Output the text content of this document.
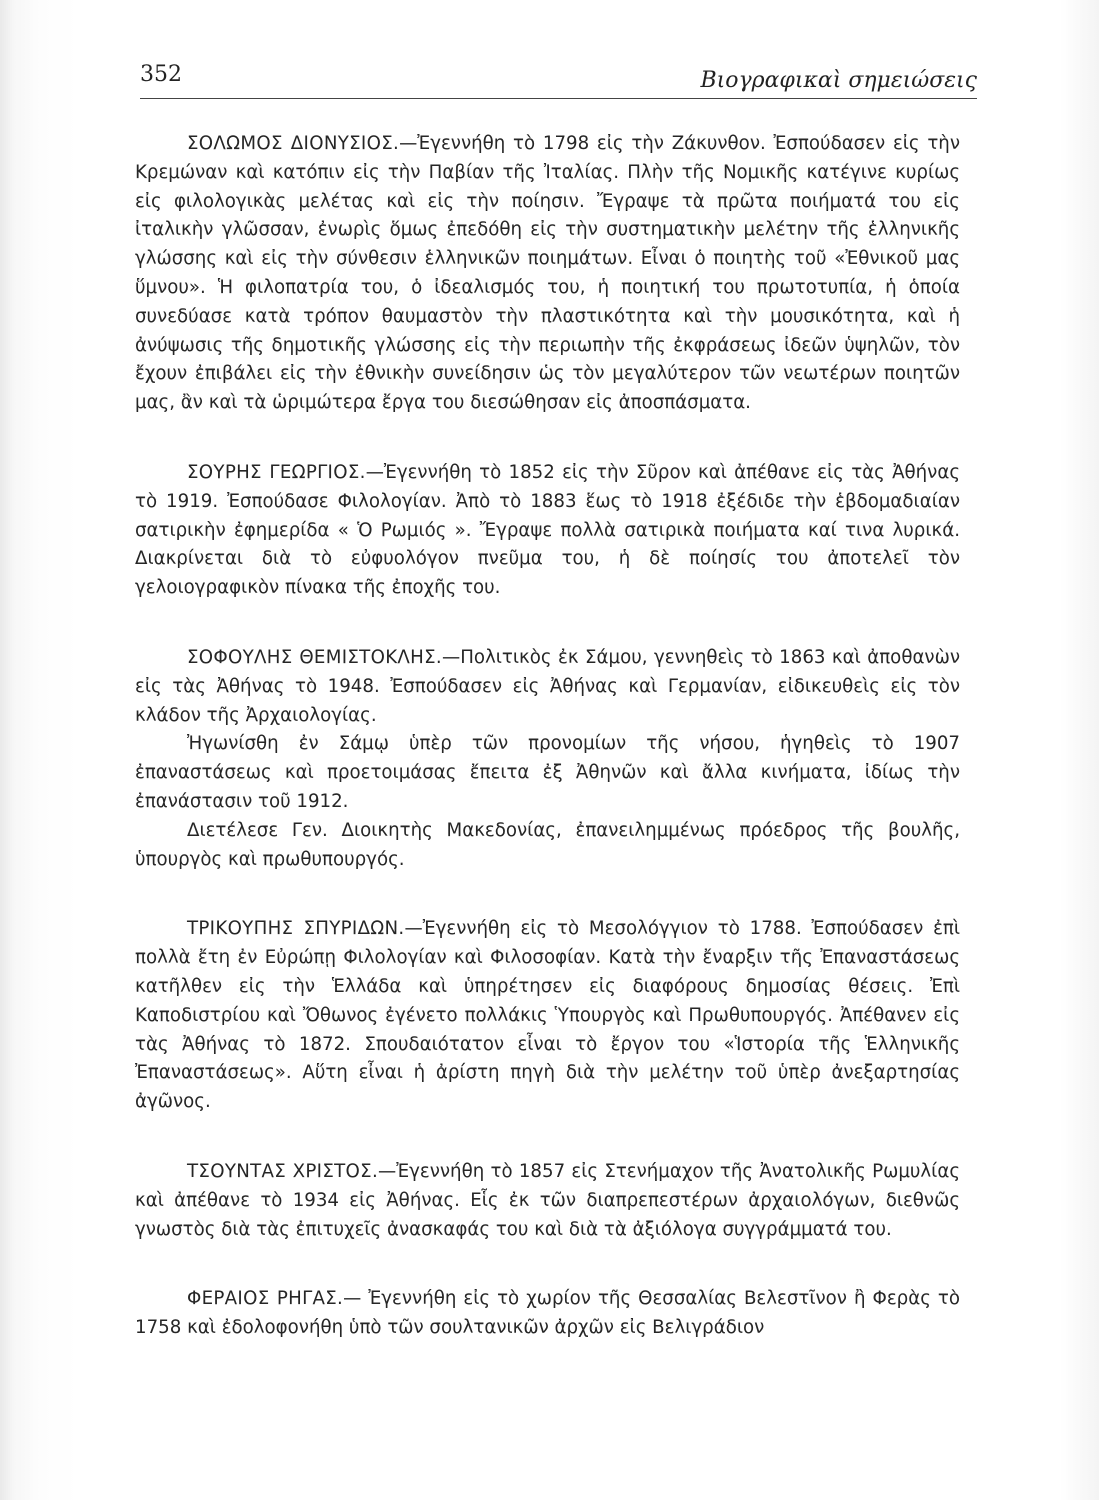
352	Βιογραφικαὶ σημειώσεις

ΣΟΛΩΜΟΣ ΔΙΟΝΥΣΙΟΣ.—Ἐγεννήθη τὸ 1798 εἰς τὴν Ζάκυνθον. Ἐσπούδασεν εἰς τὴν Κρεμώναν καὶ κατόπιν εἰς τὴν Παβίαν τῆς Ἰταλίας. Πλὴν τῆς Νομικῆς κατέγινε κυρίως εἰς φιλολογικὰς μελέτας καὶ εἰς τὴν ποίησιν. Ἔγραψε τὰ πρῶτα ποιήματά του εἰς ἰταλικὴν γλῶσσαν, ἐνωρὶς ὅμως ἐπεδόθη εἰς τὴν συστηματικὴν μελέτην τῆς ἑλληνικῆς γλώσσης καὶ εἰς τὴν σύνθεσιν ἑλληνικῶν ποιημάτων. Εἶναι ὁ ποιητὴς τοῦ «Ἐθνικοῦ μας ὕμνου». Ἡ φιλοπατρία του, ὁ ἰδεαλισμός του, ἡ ποιητική του πρωτοτυπία, ἡ ὁποία συνεδύασε κατὰ τρόπον θαυμαστὸν τὴν πλαστικότητα καὶ τὴν μουσικότητα, καὶ ἡ ἀνύψωσις τῆς δημοτικῆς γλώσσης εἰς τὴν περιωπὴν τῆς ἐκφράσεως ἰδεῶν ὑψηλῶν, τὸν ἔχουν ἐπιβάλει εἰς τὴν ἐθνικὴν συνείδησιν ὡς τὸν μεγαλύτερον τῶν νεωτέρων ποιητῶν μας, ἂν καὶ τὰ ὡριμώτερα ἔργα του διεσώθησαν εἰς ἀποσπάσματα.

ΣΟΥΡΗΣ ΓΕΩΡΓΙΟΣ.—Ἐγεννήθη τὸ 1852 εἰς τὴν Σῦρον καὶ ἀπέθανε εἰς τὰς Ἀθήνας τὸ 1919. Ἐσπούδασε Φιλολογίαν. Ἀπὸ τὸ 1883 ἕως τὸ 1918 ἐξέδιδε τὴν ἑβδομαδιαίαν σατιρικὴν ἐφημερίδα « Ὁ Ρωμιός ». Ἔγραψε πολλὰ σατιρικὰ ποιήματα καί τινα λυρικά. Διακρίνεται διὰ τὸ εὐφυολόγον πνεῦμα του, ἡ δὲ ποίησίς του ἀποτελεῖ τὸν γελοιογραφικὸν πίνακα τῆς ἐποχῆς του.

ΣΟΦΟΥΛΗΣ ΘΕΜΙΣΤΟΚΛΗΣ.—Πολιτικὸς ἐκ Σάμου, γεννηθεὶς τὸ 1863 καὶ ἀποθανὼν εἰς τὰς Ἀθήνας τὸ 1948. Ἐσπούδασεν εἰς Ἀθήνας καὶ Γερμανίαν, εἰδικευθεὶς εἰς τὸν κλάδον τῆς Ἀρχαιολογίας.

Ἠγωνίσθη ἐν Σάμῳ ὑπὲρ τῶν προνομίων τῆς νήσου, ἡγηθεὶς τὸ 1907 ἐπαναστάσεως καὶ προετοιμάσας ἔπειτα ἐξ Ἀθηνῶν καὶ ἄλλα κινήματα, ἰδίως τὴν ἐπανάστασιν τοῦ 1912.

Διετέλεσε Γεν. Διοικητὴς Μακεδονίας, ἐπανειλημμένως πρόεδρος τῆς βουλῆς, ὑπουργὸς καὶ πρωθυπουργός.

ΤΡΙΚΟΥΠΗΣ ΣΠΥΡΙΔΩΝ.—Ἐγεννήθη εἰς τὸ Μεσολόγγιον τὸ 1788. Ἐσπούδασεν ἐπὶ πολλὰ ἔτη ἐν Εὐρώπῃ Φιλολογίαν καὶ Φιλοσοφίαν. Κατὰ τὴν ἔναρξιν τῆς Ἐπαναστάσεως κατῆλθεν εἰς τὴν Ἑλλάδα καὶ ὑπηρέτησεν εἰς διαφόρους δημοσίας θέσεις. Ἐπὶ Καποδιστρίου καὶ Ὄθωνος ἐγένετο πολλάκις Ὑπουργὸς καὶ Πρωθυπουργός. Ἀπέθανεν εἰς τὰς Ἀθήνας τὸ 1872. Σπουδαιότατον εἶναι τὸ ἔργον του «Ἱστορία τῆς Ἑλληνικῆς Ἐπαναστάσεως». Αὕτη εἶναι ἡ ἀρίστη πηγὴ διὰ τὴν μελέτην τοῦ ὑπὲρ ἀνεξαρτησίας ἀγῶνος.

ΤΣΟΥΝΤΑΣ ΧΡΙΣΤΟΣ.—Ἐγεννήθη τὸ 1857 εἰς Στενήμαχον τῆς Ἀνατολικῆς Ρωμυλίας καὶ ἀπέθανε τὸ 1934 εἰς Ἀθήνας. Εἷς ἐκ τῶν διαπρεπεστέρων ἀρχαιολόγων, διεθνῶς γνωστὸς διὰ τὰς ἐπιτυχεῖς ἀνασκαφάς του καὶ διὰ τὰ ἀξιόλογα συγγράμματά του.

ΦΕΡΑΙΟΣ ΡΗΓΑΣ.— Ἐγεννήθη εἰς τὸ χωρίον τῆς Θεσσαλίας Βελεστῖνον ἢ Φερὰς τὸ 1758 καὶ ἐδολοφονήθη ὑπὸ τῶν σουλτανικῶν ἀρχῶν εἰς Βελιγράδιον
